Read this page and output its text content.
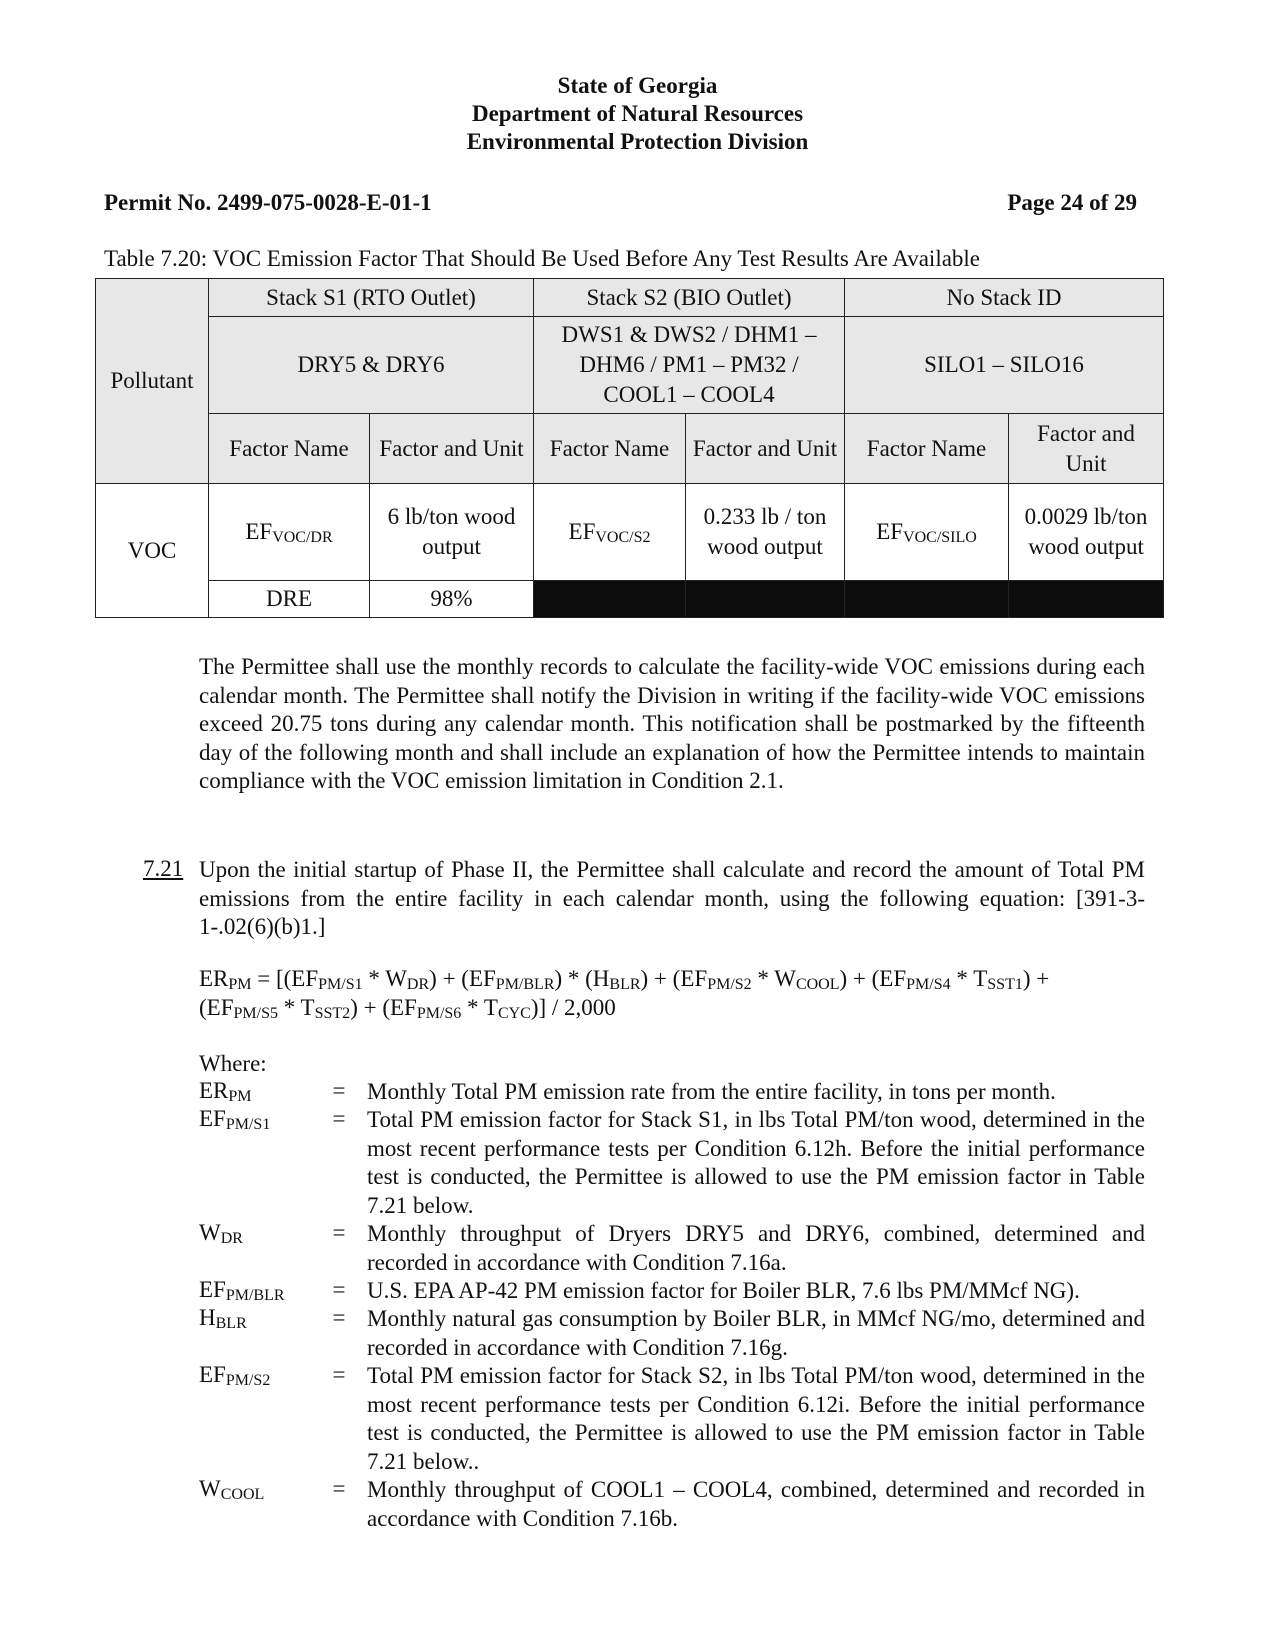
State of Georgia
Department of Natural Resources
Environmental Protection Division
Permit No. 2499-075-0028-E-01-1	Page 24 of 29
Table 7.20: VOC Emission Factor That Should Be Used Before Any Test Results Are Available
Pollutant	Stack S1 (RTO Outlet)		Stack S2 (BIO Outlet)		No Stack ID	
	DRY5 & DRY6		DWS1 & DWS2 / DHM1 – DHM6 / PM1 – PM32 / COOL1 – COOL4		SILO1 – SILO16	
	Factor Name	Factor and Unit	Factor Name	Factor and Unit	Factor Name	Factor and Unit
VOC	$EF_{VOC/DR}$	6 lb/ton wood output	$EF_{VOC/S2}$	0.233 lb / ton wood output	$EF_{VOC/SILO}$	0.0029 lb/ton wood output
	DRE	98%				
The Permittee shall use the monthly records to calculate the facility-wide VOC emissions during each calendar month. The Permittee shall notify the Division in writing if the facility-wide VOC emissions exceed 20.75 tons during any calendar month. This notification shall be postmarked by the fifteenth day of the following month and shall include an explanation of how the Permittee intends to maintain compliance with the VOC emission limitation in Condition 2.1.
7.21 Upon the initial startup of Phase II, the Permittee shall calculate and record the amount of Total PM emissions from the entire facility in each calendar month, using the following equation: [391-3-1-.02(6)(b)1.]
$ER_{PM} = [(EF_{PM/S1} * W_{DR}) + (EF_{PM/BLR}) * (H_{BLR}) + (EF_{PM/S2} * W_{COOL}) + (EF_{PM/S4} * T_{SST1})$ +
$(EF_{PM/S5} * T_{SST2}) + (EF_{PM/S6} * T_{CYC})] / 2,000$
Where:
$ER_{PM}$	= Monthly Total PM emission rate from the entire facility, in tons per month.
$EF_{PM/S1}$	= Total PM emission factor for Stack S1, in lbs Total PM/ton wood, determined in the most recent performance tests per Condition 6.12h. Before the initial performance test is conducted, the Permittee is allowed to use the PM emission factor in Table 7.21 below.
$W_{DR}$	= Monthly throughput of Dryers DRY5 and DRY6, combined, determined and recorded in accordance with Condition 7.16a.
$EF_{PM/BLR} = U.S$. EPA AP-42 PM emission factor for Boiler BLR, 7.6 lbs PM/MMcf NG).
$H_{BLR}$	= Monthly natural gas consumption by Boiler BLR, in MMcf NG/mo, determined and recorded in accordance with Condition 7.16g.
$EF_{PM/S2}$	= Total PM emission factor for Stack S2, in lbs Total PM/ton wood, determined in the most recent performance tests per Condition 6.12i. Before the initial performance test is conducted, the Permittee is allowed to use the PM emission factor in Table 7.21 below..
$W_{COOL}$	= Monthly throughput of COOL1 – COOL4, combined, determined and recorded in accordance with Condition 7.16b.
